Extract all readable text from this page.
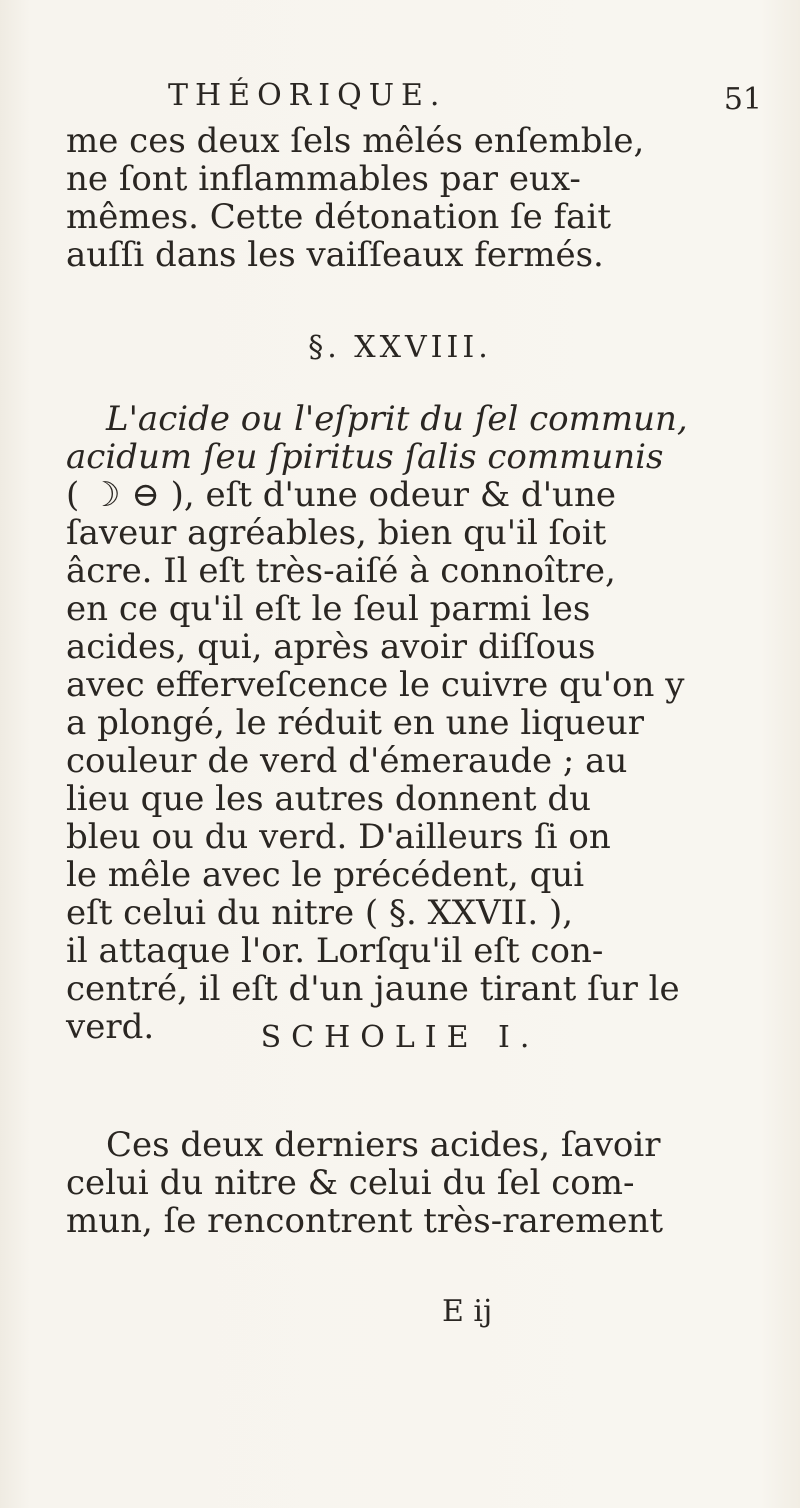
THÉORIQUE.	51
me ces deux ſels mêlés enſemble,
ne ſont inflammables par eux-
mêmes. Cette détonation ſe fait
auſſi dans les vaiſſeaux fermés.
§. XXVIII.
L'acide ou l'eſprit du ſel commun,
acidum ſeu ſpiritus ſalis communis
( ☽ ⊖ ), eſt d'une odeur & d'une
ſaveur agréables, bien qu'il ſoit
âcre. Il eſt très-aiſé à connoître,
en ce qu'il eſt le ſeul parmi les
acides, qui, après avoir diſſous
avec efferveſcence le cuivre qu'on y
a plongé, le réduit en une liqueur
couleur de verd d'émeraude ; au
lieu que les autres donnent du
bleu ou du verd. D'ailleurs ſi on
le mêle avec le précédent, qui
eſt celui du nitre ( §. XXVII. ),
il attaque l'or. Lorſqu'il eſt con-
centré, il eſt d'un jaune tirant ſur le
verd.	SCHOLIE I.
Ces deux derniers acides, ſavoir
celui du nitre & celui du ſel com-
mun, ſe rencontrent très-rarement
E ij
